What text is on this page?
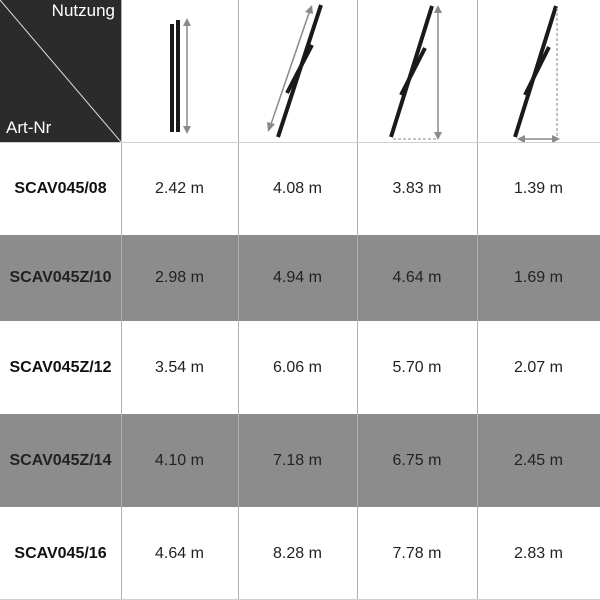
Nutzung
Art-Nr
SCAV045/08	2.42 m	4.08 m	3.83 m	1.39 m
SCAV045Z/10	2.98 m	4.94 m	4.64 m	1.69 m
SCAV045Z/12	3.54 m	6.06 m	5.70 m	2.07 m
SCAV045Z/14	4.10 m	7.18 m	6.75 m	2.45 m
SCAV045/16	4.64 m	8.28 m	7.78 m	2.83 m
